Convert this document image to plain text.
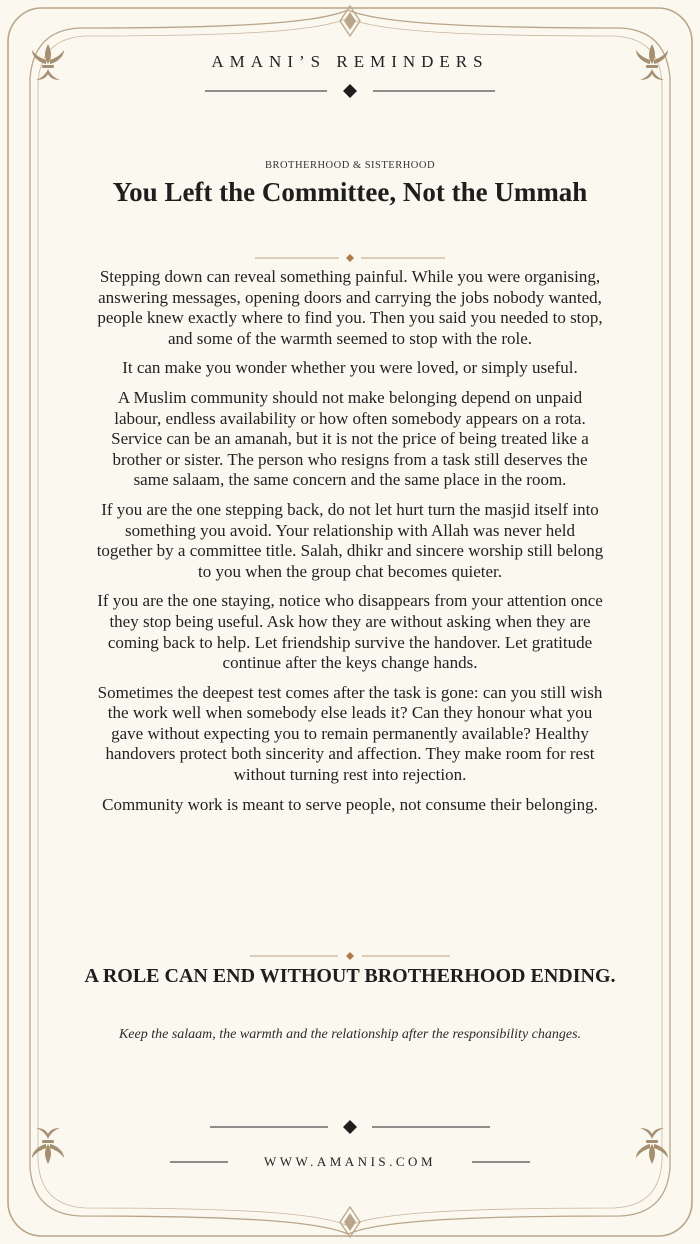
AMANI’S REMINDERS
BROTHERHOOD & SISTERHOOD
You Left the Committee, Not the Ummah

Stepping down can reveal something painful. While you were organising, answering messages, opening doors and carrying the jobs nobody wanted, people knew exactly where to find you. Then you said you needed to stop, and some of the warmth seemed to stop with the role.

It can make you wonder whether you were loved, or simply useful.

A Muslim community should not make belonging depend on unpaid labour, endless availability or how often somebody appears on a rota. Service can be an amanah, but it is not the price of being treated like a brother or sister. The person who resigns from a task still deserves the same salaam, the same concern and the same place in the room.

If you are the one stepping back, do not let hurt turn the masjid itself into something you avoid. Your relationship with Allah was never held together by a committee title. Salah, dhikr and sincere worship still belong to you when the group chat becomes quieter.

If you are the one staying, notice who disappears from your attention once they stop being useful. Ask how they are without asking when they are coming back to help. Let friendship survive the handover. Let gratitude continue after the keys change hands.

Sometimes the deepest test comes after the task is gone: can you still wish the work well when somebody else leads it? Can they honour what you gave without expecting you to remain permanently available? Healthy handovers protect both sincerity and affection. They make room for rest without turning rest into rejection.

Community work is meant to serve people, not consume their belonging.

A ROLE CAN END WITHOUT BROTHERHOOD ENDING.
Keep the salaam, the warmth and the relationship after the responsibility changes.
WWW.AMANIS.COM
